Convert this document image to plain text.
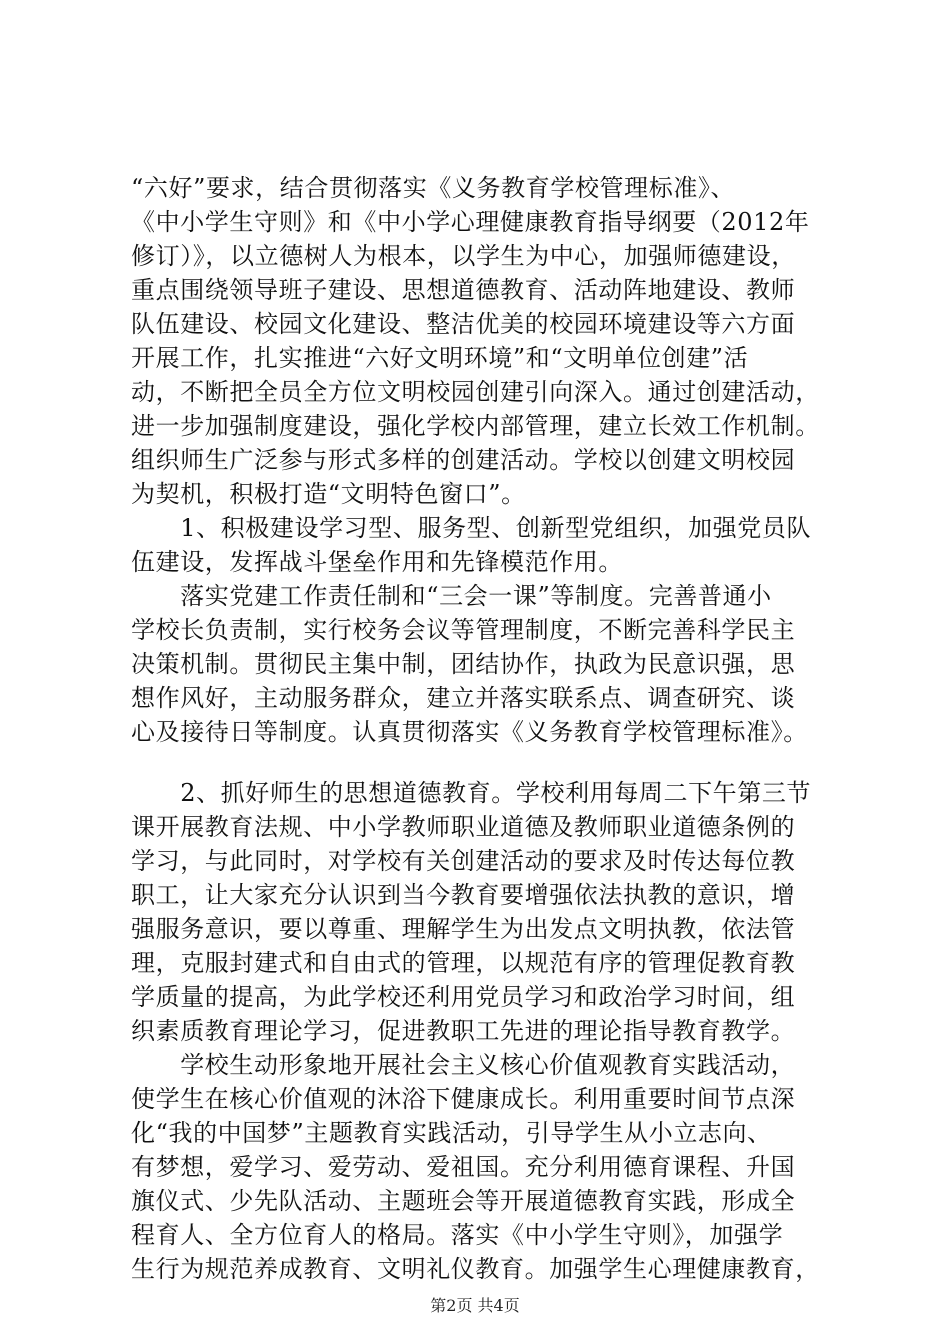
“六好”要求，结合贯彻落实《义务教育学校管理标准》、
《中小学生守则》和《中小学心理健康教育指导纲要（2012年
修订）》，以立德树人为根本，以学生为中心，加强师德建设，
重点围绕领导班子建设、思想道德教育、活动阵地建设、教师
队伍建设、校园文化建设、整洁优美的校园环境建设等六方面
开展工作，扎实推进“六好文明环境”和“文明单位创建”活
动，不断把全员全方位文明校园创建引向深入。通过创建活动，
进一步加强制度建设，强化学校内部管理，建立长效工作机制。
组织师生广泛参与形式多样的创建活动。学校以创建文明校园
为契机，积极打造“文明特色窗口”。
　　1、积极建设学习型、服务型、创新型党组织，加强党员队
伍建设，发挥战斗堡垒作用和先锋模范作用。
　　落实党建工作责任制和“三会一课”等制度。完善普通小
学校长负责制，实行校务会议等管理制度，不断完善科学民主
决策机制。贯彻民主集中制，团结协作，执政为民意识强，思
想作风好，主动服务群众，建立并落实联系点、调查研究、谈
心及接待日等制度。认真贯彻落实《义务教育学校管理标准》。
　　2、抓好师生的思想道德教育。学校利用每周二下午第三节
课开展教育法规、中小学教师职业道德及教师职业道德条例的
学习，与此同时，对学校有关创建活动的要求及时传达每位教
职工，让大家充分认识到当今教育要增强依法执教的意识，增
强服务意识，要以尊重、理解学生为出发点文明执教，依法管
理，克服封建式和自由式的管理，以规范有序的管理促教育教
学质量的提高，为此学校还利用党员学习和政治学习时间，组
织素质教育理论学习，促进教职工先进的理论指导教育教学。
　　学校生动形象地开展社会主义核心价值观教育实践活动，
使学生在核心价值观的沐浴下健康成长。利用重要时间节点深
化“我的中国梦”主题教育实践活动，引导学生从小立志向、
有梦想，爱学习、爱劳动、爱祖国。充分利用德育课程、升国
旗仪式、少先队活动、主题班会等开展道德教育实践，形成全
程育人、全方位育人的格局。落实《中小学生守则》，加强学
生行为规范养成教育、文明礼仪教育。加强学生心理健康教育，
第2页 共4页
